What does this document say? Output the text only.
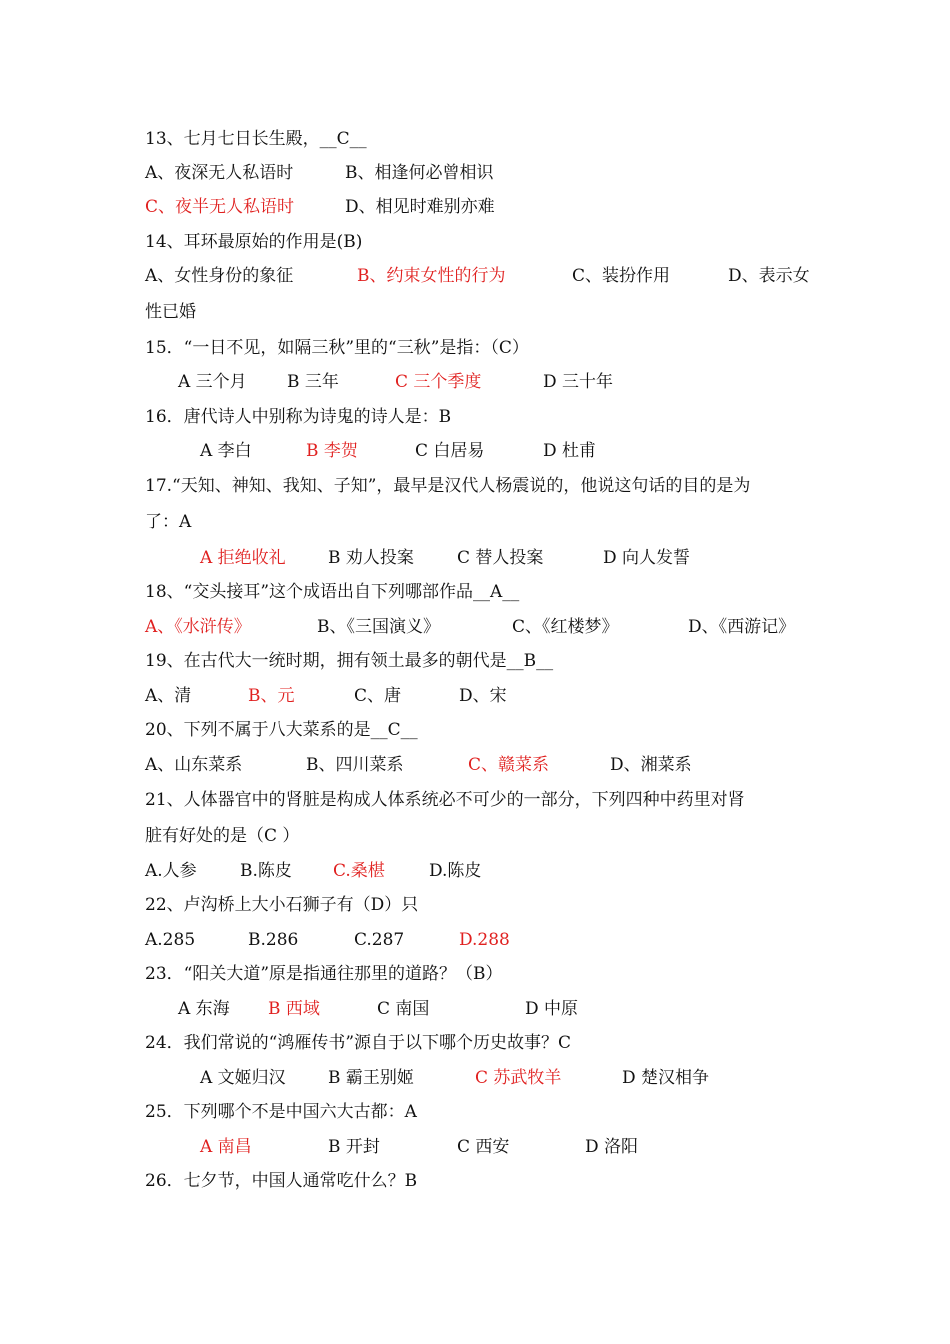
13、七月七日长生殿，__C__
A、夜深无人私语时	B、相逢何必曾相识
C、夜半无人私语时	D、相见时难别亦难
14、耳环最原始的作用是(B)
A、女性身份的象征	B、约束女性的行为	C、装扮作用	D、表示女
性已婚
15．“一日不见，如隔三秋”里的“三秋”是指：（C）
A 三个月 B 三年	C 三个季度	D 三十年
16．唐代诗人中别称为诗鬼的诗人是：B
A 李白	B 李贺	C 白居易	D 杜甫
17.“天知、神知、我知、子知”，最早是汉代人杨震说的，他说这句话的目的是为
了：A
A 拒绝收礼 B 劝人投案	C 替人投案	D 向人发誓
18、“交头接耳”这个成语出自下列哪部作品__A__
A、《水浒传》	B、《三国演义》	C、《红楼梦》	D、《西游记》
19、在古代大一统时期，拥有领土最多的朝代是__B__
A、清	B、元	C、唐	D、宋
20、下列不属于八大菜系的是__C__
A、山东菜系	B、四川菜系	C、赣菜系	D、湘菜系
21、人体器官中的肾脏是构成人体系统必不可少的一部分，下列四种中药里对肾
脏有好处的是（C ）
A.人参	B.陈皮 C.桑椹	D.陈皮
22、卢沟桥上大小石狮子有（D）只
A.285	B.286	C.287	D.288
23．“阳关大道”原是指通往那里的道路？（B）
A 东海 B 西域	C 南国	D 中原
24．我们常说的“鸿雁传书”源自于以下哪个历史故事？C
A 文姬归汉 B 霸王别姬	C 苏武牧羊	D 楚汉相争
25．下列哪个不是中国六大古都：A
A 南昌	B 开封	C 西安	D 洛阳
26．七夕节，中国人通常吃什么？B
